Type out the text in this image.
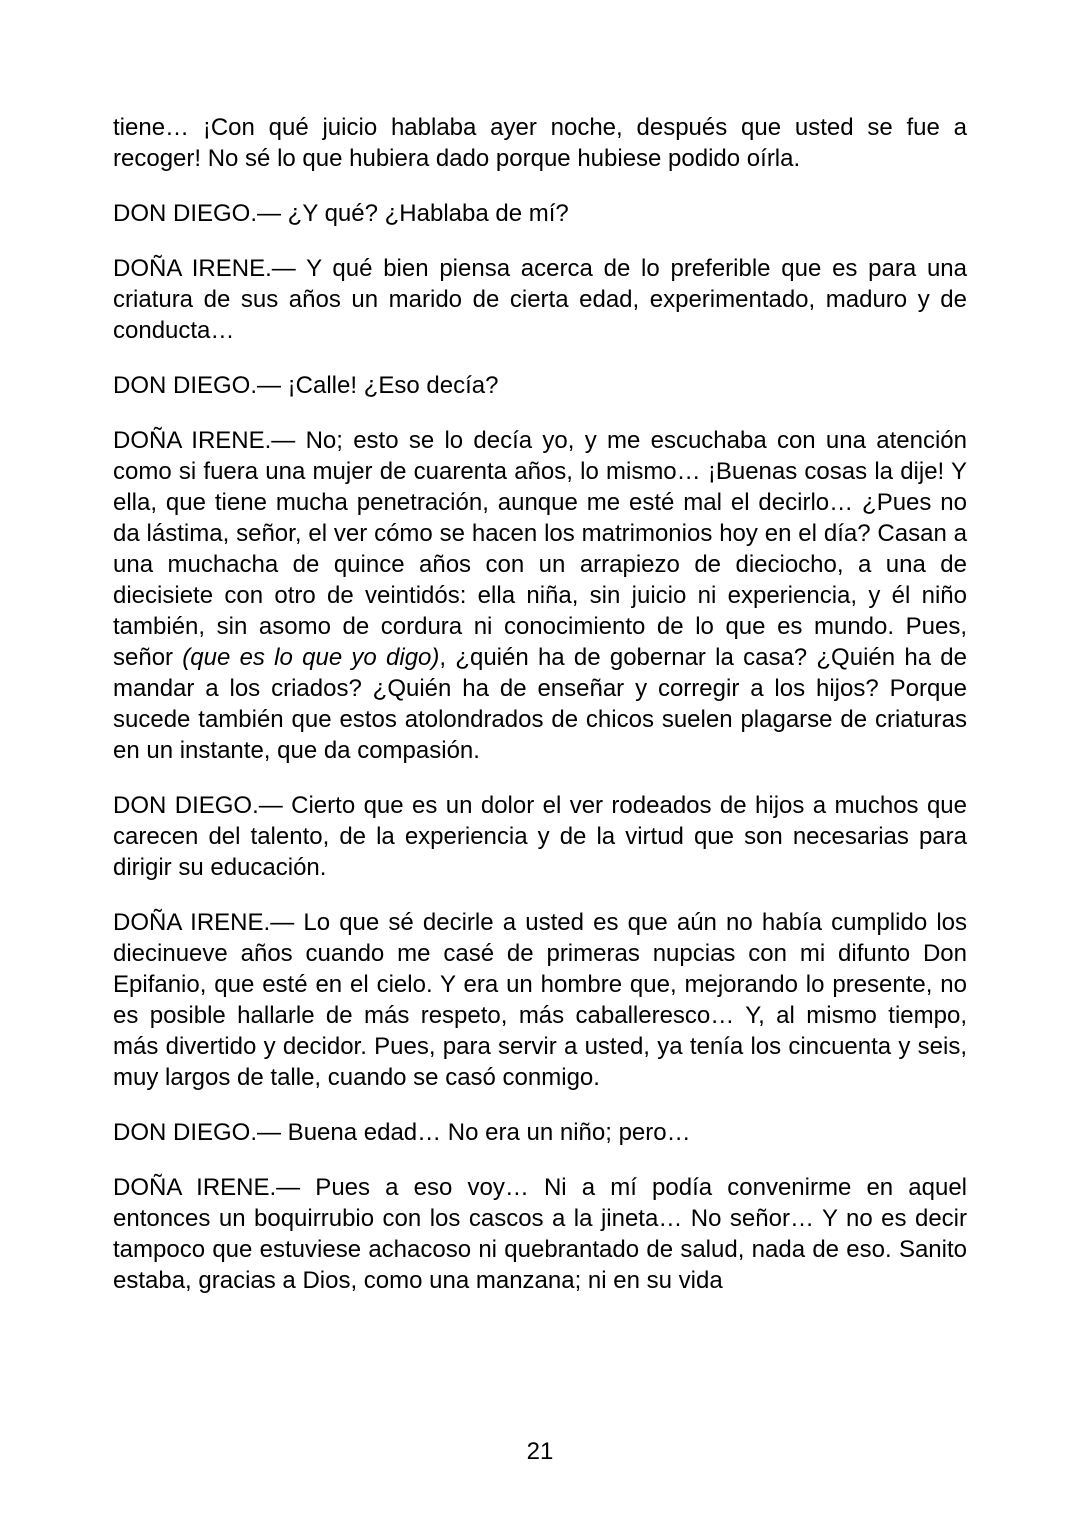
tiene… ¡Con qué juicio hablaba ayer noche, después que usted se fue a recoger! No sé lo que hubiera dado porque hubiese podido oírla.

DON DIEGO.— ¿Y qué? ¿Hablaba de mí?

DOÑA IRENE.— Y qué bien piensa acerca de lo preferible que es para una criatura de sus años un marido de cierta edad, experimentado, maduro y de conducta…

DON DIEGO.— ¡Calle! ¿Eso decía?

DOÑA IRENE.— No; esto se lo decía yo, y me escuchaba con una atención como si fuera una mujer de cuarenta años, lo mismo… ¡Buenas cosas la dije! Y ella, que tiene mucha penetración, aunque me esté mal el decirlo… ¿Pues no da lástima, señor, el ver cómo se hacen los matrimonios hoy en el día? Casan a una muchacha de quince años con un arrapiezo de dieciocho, a una de diecisiete con otro de veintidós: ella niña, sin juicio ni experiencia, y él niño también, sin asomo de cordura ni conocimiento de lo que es mundo. Pues, señor (que es lo que yo digo), ¿quién ha de gobernar la casa? ¿Quién ha de mandar a los criados? ¿Quién ha de enseñar y corregir a los hijos? Porque sucede también que estos atolondrados de chicos suelen plagarse de criaturas en un instante, que da compasión.

DON DIEGO.— Cierto que es un dolor el ver rodeados de hijos a muchos que carecen del talento, de la experiencia y de la virtud que son necesarias para dirigir su educación.

DOÑA IRENE.— Lo que sé decirle a usted es que aún no había cumplido los diecinueve años cuando me casé de primeras nupcias con mi difunto Don Epifanio, que esté en el cielo. Y era un hombre que, mejorando lo presente, no es posible hallarle de más respeto, más caballeresco… Y, al mismo tiempo, más divertido y decidor. Pues, para servir a usted, ya tenía los cincuenta y seis, muy largos de talle, cuando se casó conmigo.

DON DIEGO.— Buena edad… No era un niño; pero…

DOÑA IRENE.— Pues a eso voy… Ni a mí podía convenirme en aquel entonces un boquirrubio con los cascos a la jineta… No señor… Y no es decir tampoco que estuviese achacoso ni quebrantado de salud, nada de eso. Sanito estaba, gracias a Dios, como una manzana; ni en su vida

21
